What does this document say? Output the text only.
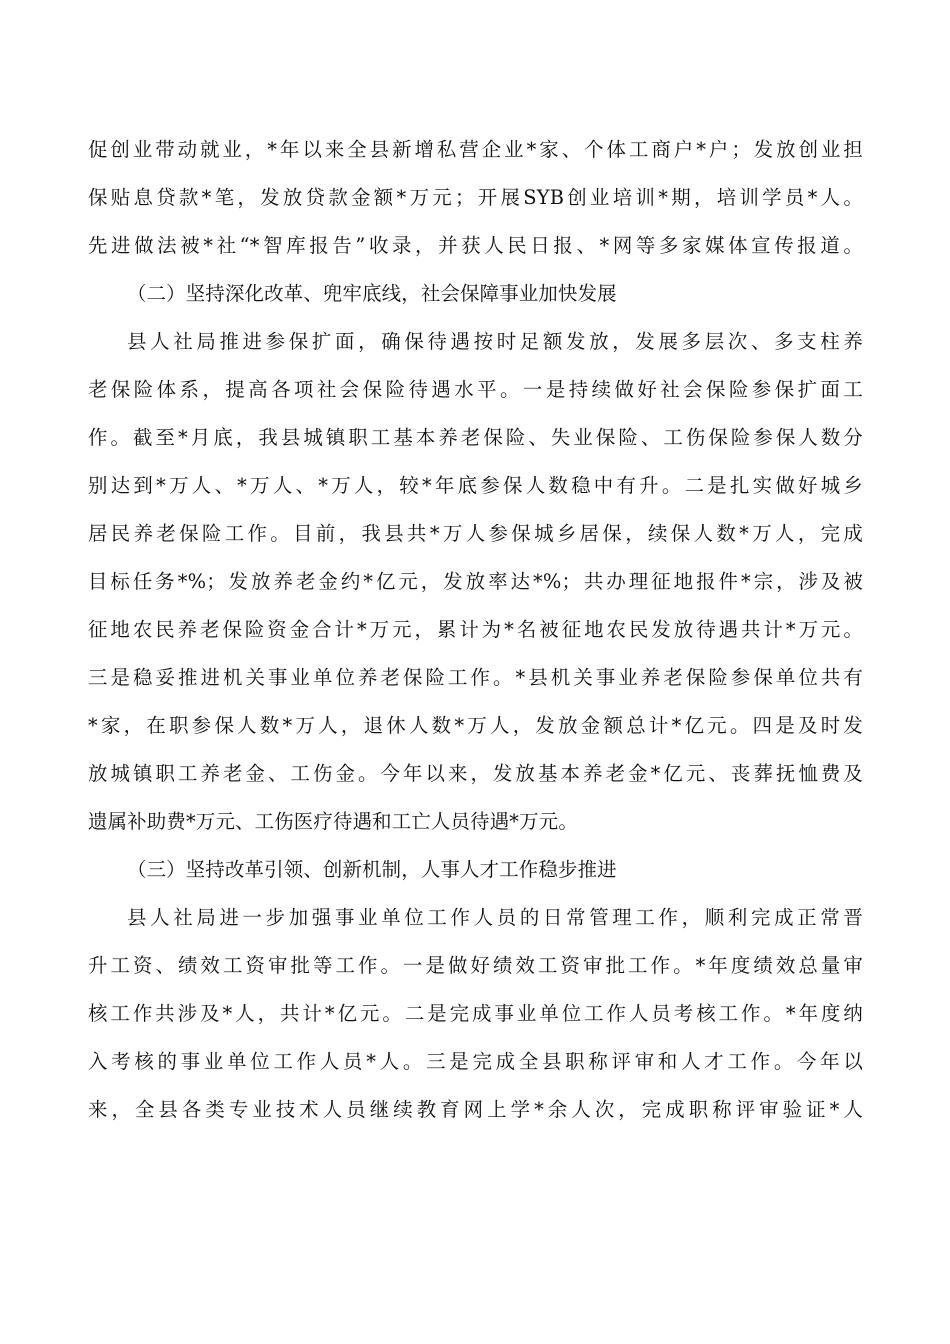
促创业带动就业，*年以来全县新增私营企业*家、个体工商户*户；发放创业担
保贴息贷款*笔，发放贷款金额*万元；开展SYB创业培训*期，培训学员*人。
先进做法被*社“*智库报告”收录，并获人民日报、*网等多家媒体宣传报道。
（二）坚持深化改革、兜牢底线，社会保障事业加快发展
县人社局推进参保扩面，确保待遇按时足额发放，发展多层次、多支柱养
老保险体系，提高各项社会保险待遇水平。一是持续做好社会保险参保扩面工
作。截至*月底，我县城镇职工基本养老保险、失业保险、工伤保险参保人数分
别达到*万人、*万人、*万人，较*年底参保人数稳中有升。二是扎实做好城乡
居民养老保险工作。目前，我县共*万人参保城乡居保，续保人数*万人，完成
目标任务*%；发放养老金约*亿元，发放率达*%；共办理征地报件*宗，涉及被
征地农民养老保险资金合计*万元，累计为*名被征地农民发放待遇共计*万元。
三是稳妥推进机关事业单位养老保险工作。*县机关事业养老保险参保单位共有
*家，在职参保人数*万人，退休人数*万人，发放金额总计*亿元。四是及时发
放城镇职工养老金、工伤金。今年以来，发放基本养老金*亿元、丧葬抚恤费及
遗属补助费*万元、工伤医疗待遇和工亡人员待遇*万元。
（三）坚持改革引领、创新机制，人事人才工作稳步推进
县人社局进一步加强事业单位工作人员的日常管理工作，顺利完成正常晋
升工资、绩效工资审批等工作。一是做好绩效工资审批工作。*年度绩效总量审
核工作共涉及*人，共计*亿元。二是完成事业单位工作人员考核工作。*年度纳
入考核的事业单位工作人员*人。三是完成全县职称评审和人才工作。今年以
来，全县各类专业技术人员继续教育网上学*余人次，完成职称评审验证*人
